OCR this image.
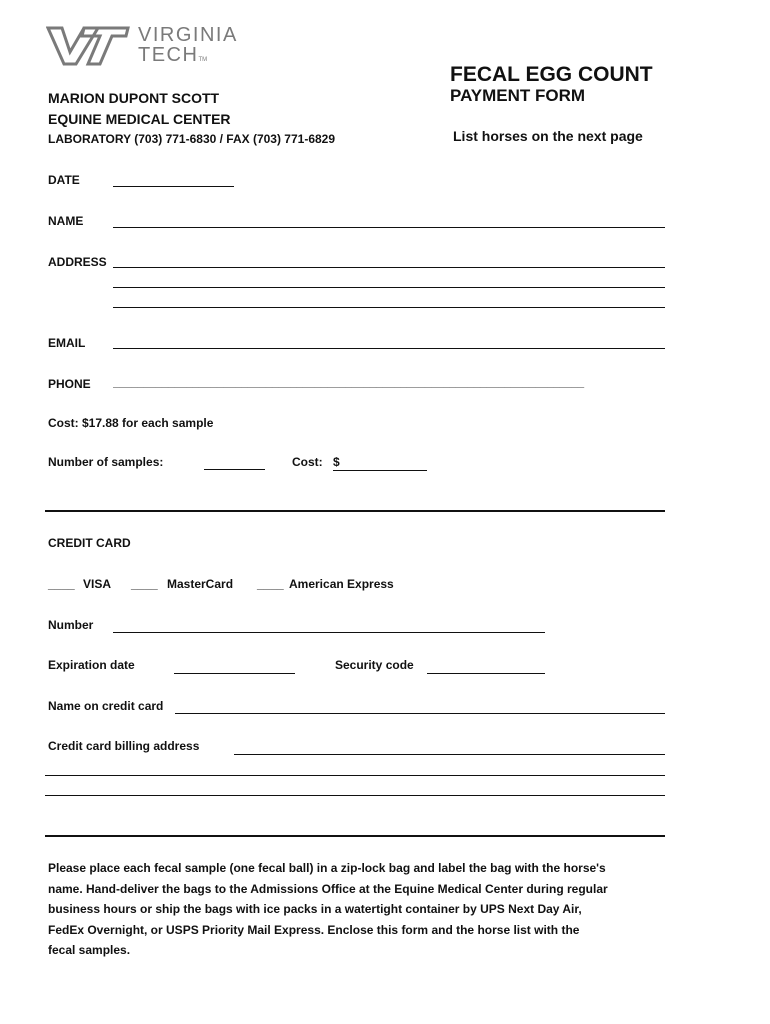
VIRGINIA
TECHTM
MARION DUPONT SCOTT
EQUINE MEDICAL CENTER
LABORATORY (703) 771-6830 / FAX (703) 771-6829
FECAL EGG COUNT
PAYMENT FORM
List horses on the next page
DATE
NAME
ADDRESS
EMAIL
PHONE _____________________________________________________________________________
Cost: $17.88 for each sample
Number of samples:	Cost: $
CREDIT CARD
____ VISA ____ MasterCard ____ American Express
Number
Expiration date	Security code
Name on credit card
Credit card billing address
Please place each fecal sample (one fecal ball) in a zip-lock bag and label the bag with the horse's
name. Hand-deliver the bags to the Admissions Office at the Equine Medical Center during regular
business hours or ship the bags with ice packs in a watertight container by UPS Next Day Air,
FedEx Overnight, or USPS Priority Mail Express. Enclose this form and the horse list with the
fecal samples.
